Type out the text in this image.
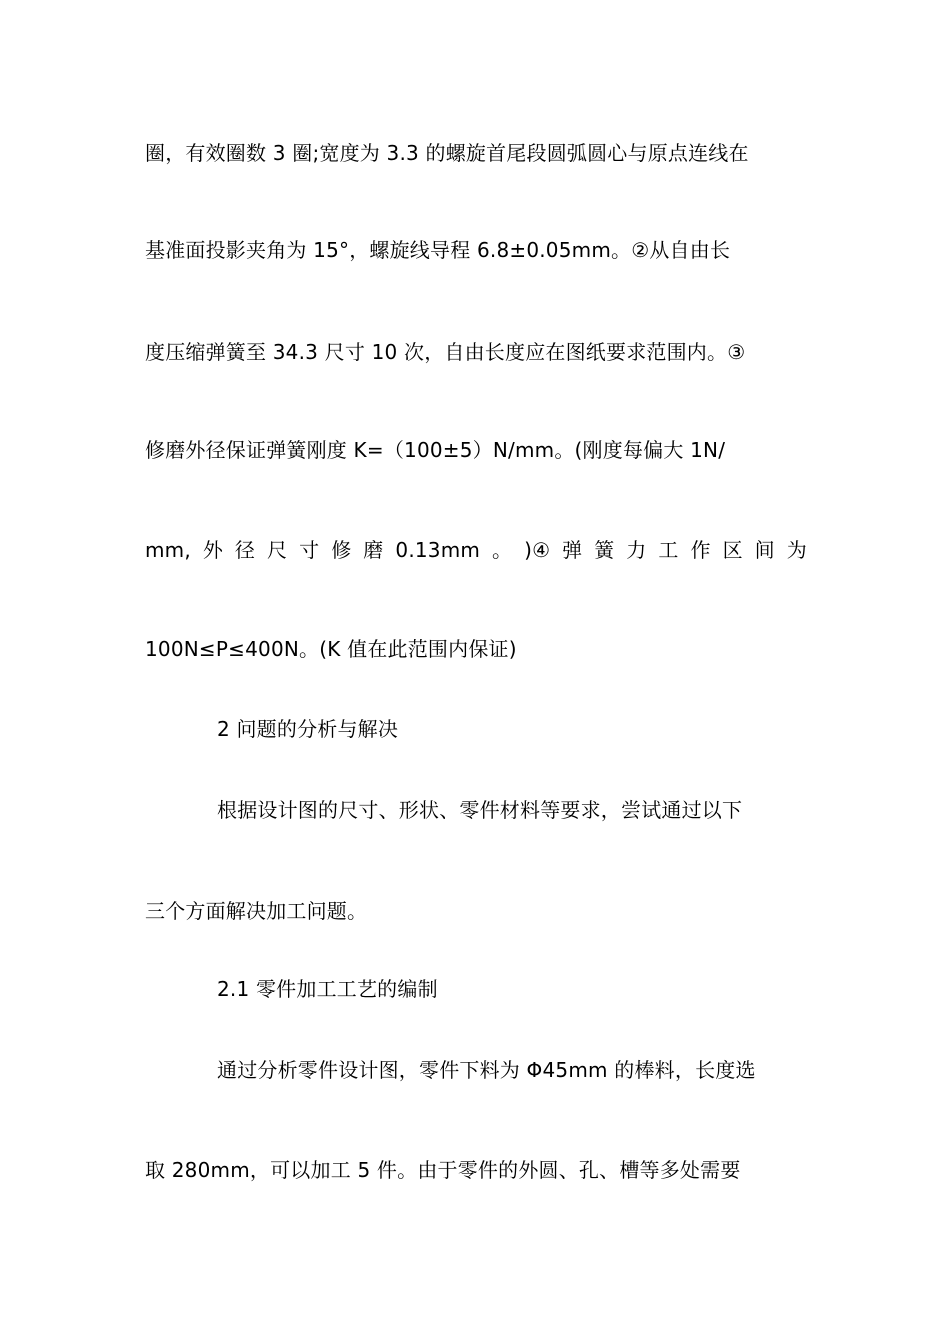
圈，有效圈数 3 圈;宽度为 3.3 的螺旋首尾段圆弧圆心与原点连线在
基准面投影夹角为 15°，螺旋线导程 6.8±0.05mm。②从自由长
度压缩弹簧至 34.3 尺寸 10 次，自由长度应在图纸要求范围内。③
修磨外径保证弹簧刚度 K=（100±5）N/mm。(刚度每偏大 1N/
mm, 外 径 尺 寸 修 磨 0.13mm 。 )④ 弹 簧 力 工 作 区 间 为
100N≤P≤400N。(K 值在此范围内保证)
2 问题的分析与解决
根据设计图的尺寸、形状、零件材料等要求，尝试通过以下
三个方面解决加工问题。
2.1 零件加工工艺的编制
通过分析零件设计图，零件下料为 Φ45mm 的棒料，长度选
取 280mm，可以加工 5 件。由于零件的外圆、孔、槽等多处需要
